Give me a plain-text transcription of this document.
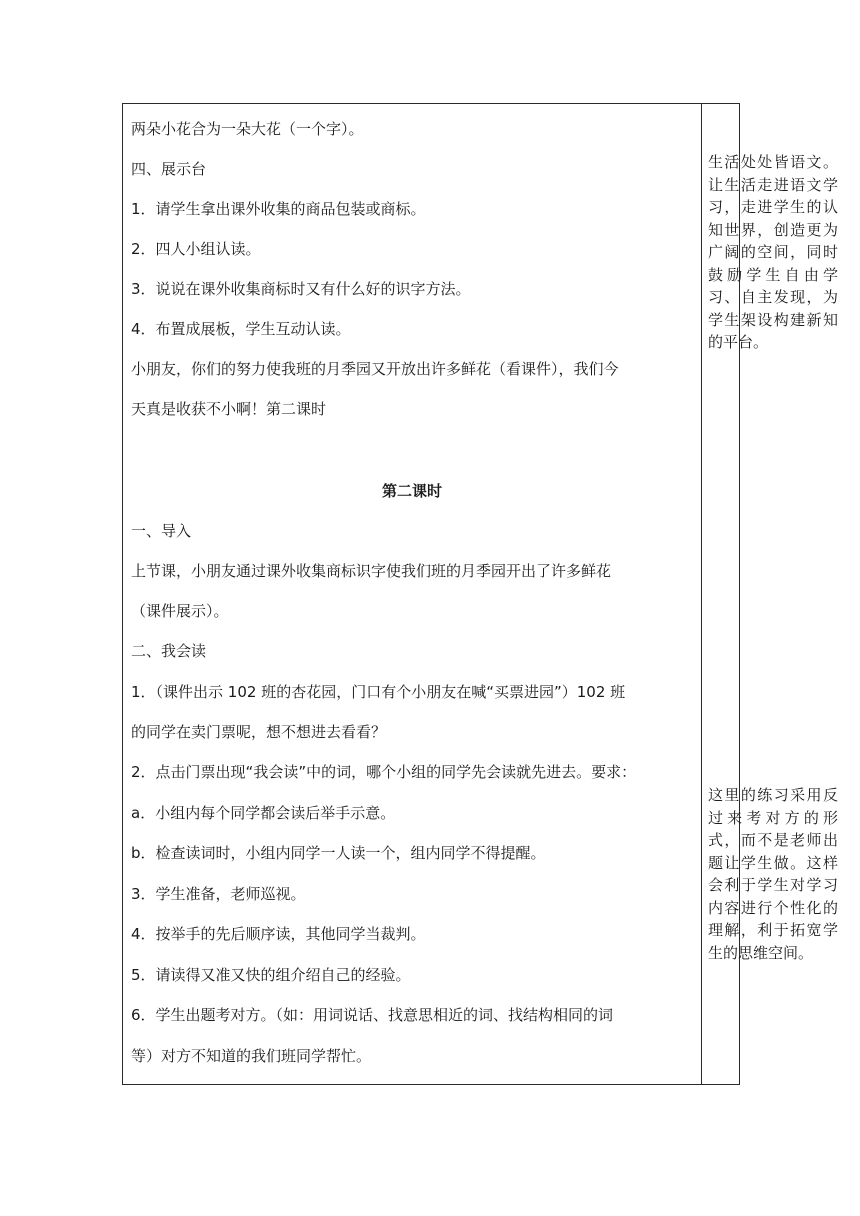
两朵小花合为一朵大花（一个字）。
四、展示台
1．请学生拿出课外收集的商品包装或商标。
2．四人小组认读。
3．说说在课外收集商标时又有什么好的识字方法。
4．布置成展板，学生互动认读。
小朋友，你们的努力使我班的月季园又开放出许多鲜花（看课件），我们今
天真是收获不小啊！第二课时
第二课时
一、导入
上节课，小朋友通过课外收集商标识字使我们班的月季园开出了许多鲜花
（课件展示）。
二、我会读
1．（课件出示 102 班的杏花园，门口有个小朋友在喊“买票进园”）102 班
的同学在卖门票呢，想不想进去看看？
2．点击门票出现“我会读”中的词，哪个小组的同学先会读就先进去。要求：
a．小组内每个同学都会读后举手示意。
b．检查读词时，小组内同学一人读一个，组内同学不得提醒。
3．学生准备，老师巡视。
4．按举手的先后顺序读，其他同学当裁判。
5．请读得又准又快的组介绍自己的经验。
6．学生出题考对方。（如：用词说话、找意思相近的词、找结构相同的词
等）对方不知道的我们班同学帮忙。
生活处处皆语文。让生活走进语文学习，走进学生的认知世界，创造更为广阔的空间，同时鼓励学生自由学习、自主发现，为学生架设构建新知的平台。
这里的练习采用反过来考对方的形式，而不是老师出题让学生做。这样会利于学生对学习内容进行个性化的理解，利于拓宽学生的思维空间。
